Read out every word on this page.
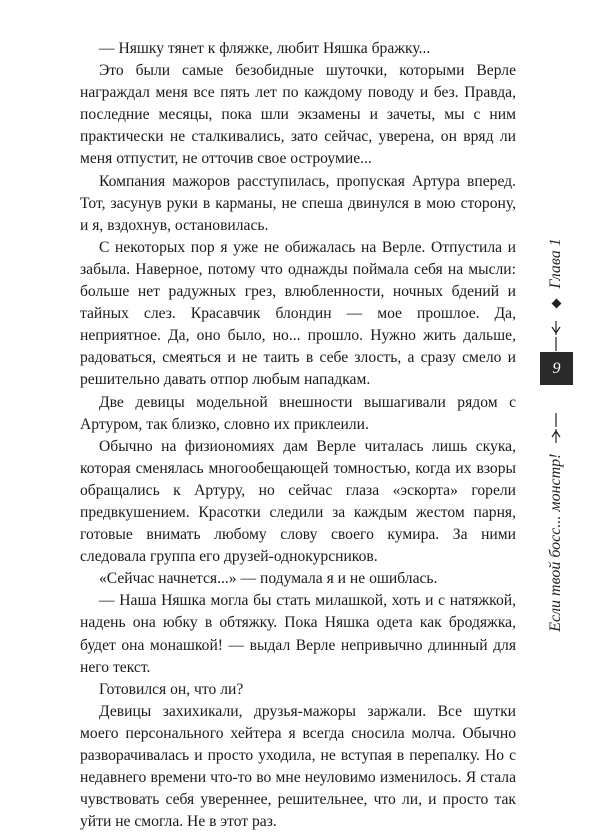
— Няшку тянет к фляжке, любит Няшка бражку...

Это были самые безобидные шуточки, которыми Верле награждал меня все пять лет по каждому поводу и без. Правда, последние месяцы, пока шли экзамены и зачеты, мы с ним практически не сталкивались, зато сейчас, уверена, он вряд ли меня отпустит, не отточив свое остроумие...

Компания мажоров расступилась, пропуская Артура вперед. Тот, засунув руки в карманы, не спеша двинулся в мою сторону, и я, вздохнув, остановилась.

С некоторых пор я уже не обижалась на Верле. Отпустила и забыла. Наверное, потому что однажды поймала себя на мысли: больше нет радужных грез, влюбленности, ночных бдений и тайных слез. Красавчик блондин — мое прошлое. Да, неприятное. Да, оно было, но... прошло. Нужно жить дальше, радоваться, смеяться и не таить в себе злость, а сразу смело и решительно давать отпор любым нападкам.

Две девицы модельной внешности вышагивали рядом с Артуром, так близко, словно их приклеили.

Обычно на физиономиях дам Верле читалась лишь скука, которая сменялась многообещающей томностью, когда их взоры обращались к Артуру, но сейчас глаза «эскорта» горели предвкушением. Красотки следили за каждым жестом парня, готовые внимать любому слову своего кумира. За ними следовала группа его друзей-однокурсников.

«Сейчас начнется...» — подумала я и не ошиблась.

— Наша Няшка могла бы стать милашкой, хоть и с натяжкой, надень она юбку в обтяжку. Пока Няшка одета как бродяжка, будет она монашкой! — выдал Верле непривычно длинный для него текст.

Готовился он, что ли?

Девицы захихикали, друзья-мажоры заржали. Все шутки моего персонального хейтера я всегда сносила молча. Обычно разворачивалась и просто уходила, не вступая в перепалку. Но с недавнего времени что-то во мне неуловимо изменилось. Я стала чувствовать себя увереннее, решительнее, что ли, и просто так уйти не смогла. Не в этот раз.

Если твой босс... монстр!
Глава 1
9
